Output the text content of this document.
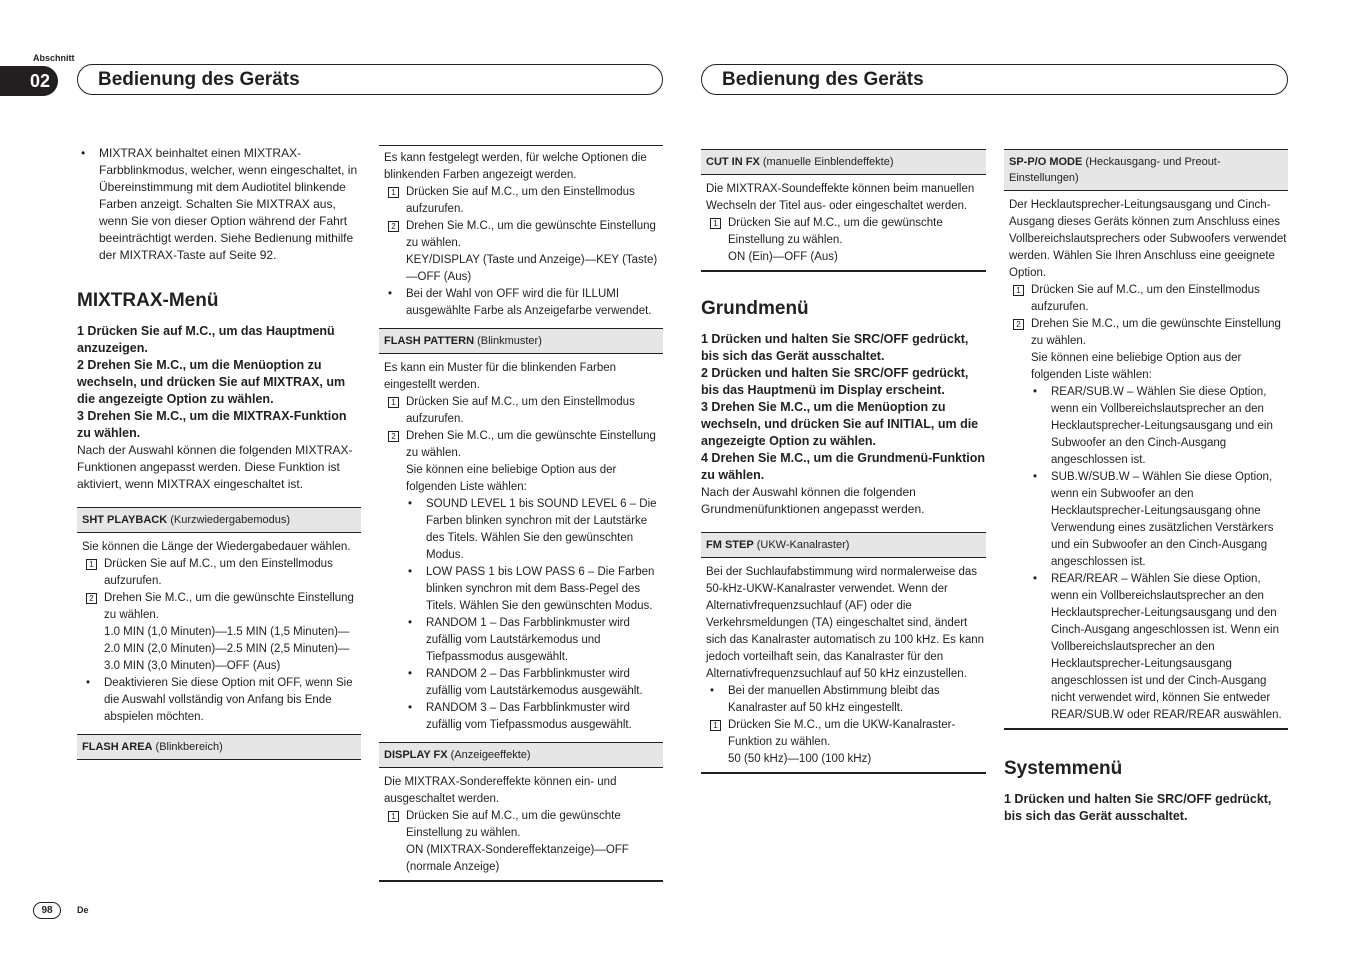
Abschnitt
02	Bedienung des Geräts	Bedienung des Geräts

• MIXTRAX beinhaltet einen MIXTRAX-Farbblinkmodus, welcher, wenn eingeschaltet, in Übereinstimmung mit dem Audiotitel blinkende Farben anzeigt. Schalten Sie MIXTRAX aus, wenn Sie von dieser Option während der Fahrt beeinträchtigt werden. Siehe Bedienung mithilfe der MIXTRAX-Taste auf Seite 92.

MIXTRAX-Menü

1 Drücken Sie auf M.C., um das Hauptmenü anzuzeigen.

2 Drehen Sie M.C., um die Menüoption zu wechseln, und drücken Sie auf MIXTRAX, um die angezeigte Option zu wählen.

3 Drehen Sie M.C., um die MIXTRAX-Funktion zu wählen.

Nach der Auswahl können die folgenden MIXTRAX-Funktionen angepasst werden. Diese Funktion ist aktiviert, wenn MIXTRAX eingeschaltet ist.

SHT PLAYBACK (Kurzwiedergabemodus)

Sie können die Länge der Wiedergabedauer wählen.

1 Drücken Sie auf M.C., um den Einstellmodus aufzurufen.

2 Drehen Sie M.C., um die gewünschte Einstellung zu wählen.

1.0 MIN (1,0 Minuten)—1.5 MIN (1,5 Minuten)—2.0 MIN (2,0 Minuten)—2.5 MIN (2,5 Minuten)—3.0 MIN (3,0 Minuten)—OFF (Aus)

• Deaktivieren Sie diese Option mit OFF, wenn Sie die Auswahl vollständig von Anfang bis Ende abspielen möchten.

FLASH AREA (Blinkbereich)

Es kann festgelegt werden, für welche Optionen die blinkenden Farben angezeigt werden.

1 Drücken Sie auf M.C., um den Einstellmodus aufzurufen.

2 Drehen Sie M.C., um die gewünschte Einstellung zu wählen.

KEY/DISPLAY (Taste und Anzeige)—KEY (Taste)—OFF (Aus)

• Bei der Wahl von OFF wird die für ILLUMI ausgewählte Farbe als Anzeigefarbe verwendet.

FLASH PATTERN (Blinkmuster)

Es kann ein Muster für die blinkenden Farben eingestellt werden.

1 Drücken Sie auf M.C., um den Einstellmodus aufzurufen.

2 Drehen Sie M.C., um die gewünschte Einstellung zu wählen.

Sie können eine beliebige Option aus der folgenden Liste wählen:

• SOUND LEVEL 1 bis SOUND LEVEL 6 – Die Farben blinken synchron mit der Lautstärke des Titels. Wählen Sie den gewünschten Modus.

• LOW PASS 1 bis LOW PASS 6 – Die Farben blinken synchron mit dem Bass-Pegel des Titels. Wählen Sie den gewünschten Modus.

• RANDOM 1 – Das Farbblinkmuster wird zufällig vom Lautstärkemodus und Tiefpassmodus ausgewählt.

• RANDOM 2 – Das Farbblinkmuster wird zufällig vom Lautstärkemodus ausgewählt.

• RANDOM 3 – Das Farbblinkmuster wird zufällig vom Tiefpassmodus ausgewählt.

DISPLAY FX (Anzeigeeffekte)

Die MIXTRAX-Sondereffekte können ein- und ausgeschaltet werden.

1 Drücken Sie auf M.C., um die gewünschte Einstellung zu wählen.

ON (MIXTRAX-Sondereffektanzeige)—OFF (normale Anzeige)

CUT IN FX (manuelle Einblendeffekte)

Die MIXTRAX-Soundeffekte können beim manuellen Wechseln der Titel aus- oder eingeschaltet werden.

1 Drücken Sie auf M.C., um die gewünschte Einstellung zu wählen.

ON (Ein)—OFF (Aus)

Grundmenü

1 Drücken und halten Sie SRC/OFF gedrückt, bis sich das Gerät ausschaltet.

2 Drücken und halten Sie SRC/OFF gedrückt, bis das Hauptmenü im Display erscheint.

3 Drehen Sie M.C., um die Menüoption zu wechseln, und drücken Sie auf INITIAL, um die angezeigte Option zu wählen.

4 Drehen Sie M.C., um die Grundmenü-Funktion zu wählen.

Nach der Auswahl können die folgenden Grundmenüfunktionen angepasst werden.

FM STEP (UKW-Kanalraster)

Bei der Suchlaufabstimmung wird normalerweise das 50-kHz-UKW-Kanalraster verwendet. Wenn der Alternativfrequenzsuchlauf (AF) oder die Verkehrsmeldungen (TA) eingeschaltet sind, ändert sich das Kanalraster automatisch zu 100 kHz. Es kann jedoch vorteilhaft sein, das Kanalraster für den Alternativfrequenzsuchlauf auf 50 kHz einzustellen.

• Bei der manuellen Abstimmung bleibt das Kanalraster auf 50 kHz eingestellt.

1 Drücken Sie M.C., um die UKW-Kanalraster-Funktion zu wählen.

50 (50 kHz)—100 (100 kHz)

SP-P/O MODE (Heckausgang- und Preout-Einstellungen)

Der Hecklautsprecher-Leitungsausgang und Cinch-Ausgang dieses Geräts können zum Anschluss eines Vollbereichslautsprechers oder Subwoofers verwendet werden. Wählen Sie Ihren Anschluss eine geeignete Option.

1 Drücken Sie auf M.C., um den Einstellmodus aufzurufen.

2 Drehen Sie M.C., um die gewünschte Einstellung zu wählen.

Sie können eine beliebige Option aus der folgenden Liste wählen:

• REAR/SUB.W – Wählen Sie diese Option, wenn ein Vollbereichslautsprecher an den Hecklautsprecher-Leitungsausgang und ein Subwoofer an den Cinch-Ausgang angeschlossen ist.

• SUB.W/SUB.W – Wählen Sie diese Option, wenn ein Subwoofer an den Hecklautsprecher-Leitungsausgang ohne Verwendung eines zusätzlichen Verstärkers und ein Subwoofer an den Cinch-Ausgang angeschlossen ist.

• REAR/REAR – Wählen Sie diese Option, wenn ein Vollbereichslautsprecher an den Hecklautsprecher-Leitungsausgang und den Cinch-Ausgang angeschlossen ist. Wenn ein Vollbereichslautsprecher an den Hecklautsprecher-Leitungsausgang angeschlossen ist und der Cinch-Ausgang nicht verwendet wird, können Sie entweder REAR/SUB.W oder REAR/REAR auswählen.

Systemmenü

1 Drücken und halten Sie SRC/OFF gedrückt, bis sich das Gerät ausschaltet.

98	De
